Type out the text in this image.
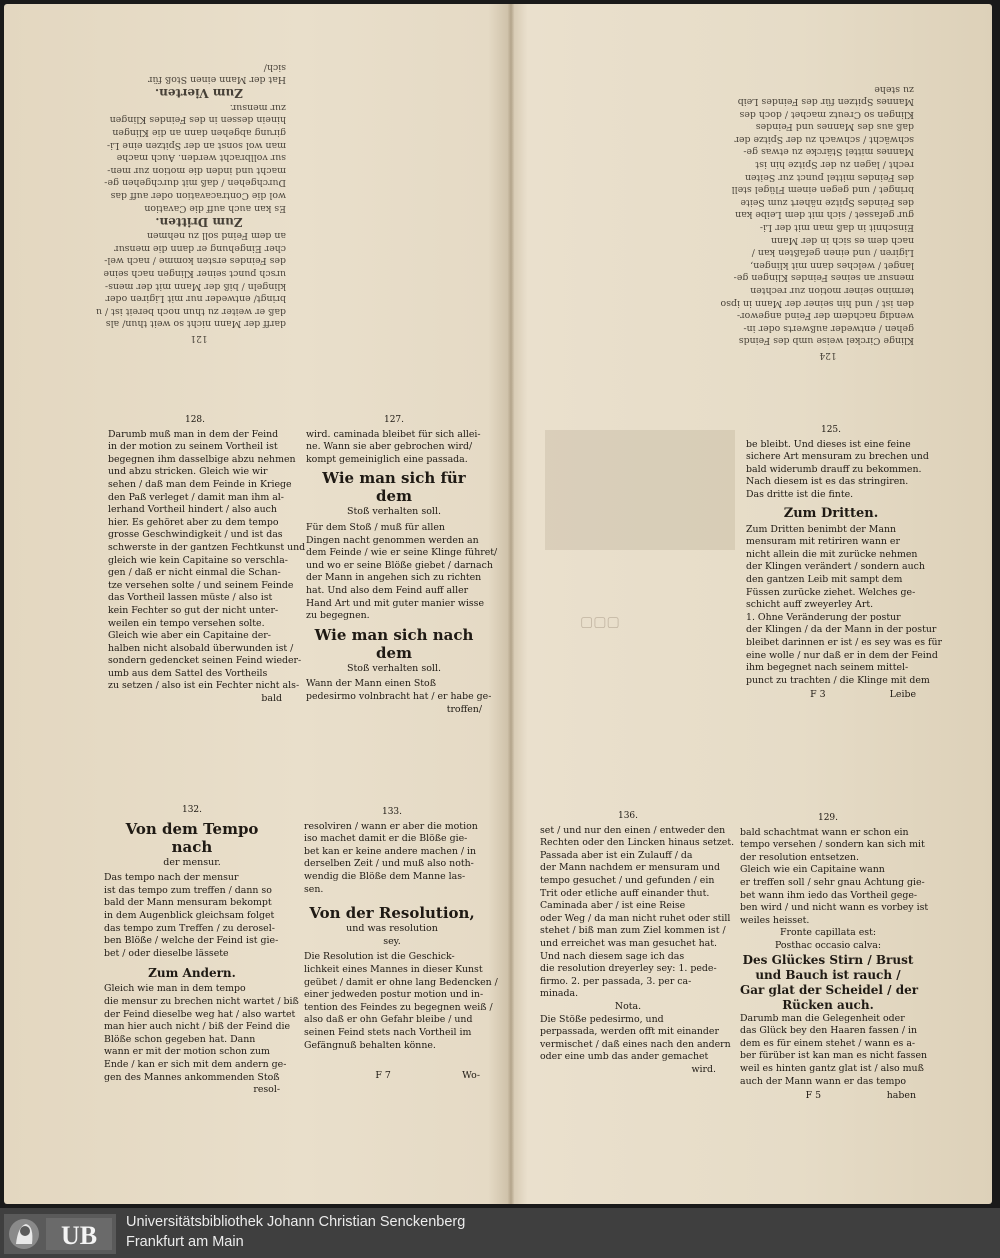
▢▢▢
121
darff der Mann nicht so weit thun/ als
daß er weiter zu thun noch bereit ist / u
bringt/ entweder nur mit Ligiren oder
klingeln / biß der Mann mit der mens-
ursch punct seiner Klingen nach seine
des Feindes ersten komme / nach wel-
cher Eingehung er dann die mensur
an dem Feind soll zu nehmen
Zum Dritten.
Es kan auch auff die Cavation
wol die Contracavation oder auff das
Durchgehen / daß mit durchgehen ge-
macht und inden die motion zur men-
sur vollbracht werden. Auch mache
man wol sonst an der Spitzen eine Li-
girung abgehen dann an die Klingen
hinein dessen in des Feindes Klingen
zur mensur.
Zum Vierten.
Hat der Mann einen Stoß für
sich/
124
Klinge Circkel weise umb des Feinds
gehen / entweder außwerts oder in-
wendig nachdem der Feind angewor-
den ist / und hin seiner der Mann in ipso
termino seiner motion zur rechten
mensur an seines Feindes Klingen ge-
langet / welches dann mit klingen,
Ligiren / und einen gefaßten kan /
nach dem es sich in der Mann
Einschnit in daß man mit der Li-
gur gefasset / sich mit dem Leibe kan
des Feindes Spitze nähert zum Seite
bringet / und gegen einem Flügel stell
des Feindes mittel punct zur Seiten
recht / lagen zu der Spitze hin ist
Mannes mittel Stärcke zu etwas ge-
schwächt / schwach zu der Spitze der
daß aus des Mannes und Feindes
Klingen so Creutz machet / doch des
Mannes Spitzen für des Feindes Leib
zu stehe
128.
Darumb muß man in dem der Feind
in der motion zu seinem Vortheil ist
begegnen ihm dasselbige abzu nehmen
und abzu stricken. Gleich wie wir
sehen / daß man dem Feinde in Kriege
den Paß verleget / damit man ihm al-
lerhand Vortheil hindert / also auch
hier. Es gehöret aber zu dem tempo
grosse Geschwindigkeit / und ist das
schwerste in der gantzen Fechtkunst und
gleich wie kein Capitaine so verschla-
gen / daß er nicht einmal die Schan-
tze versehen solte / und seinem Feinde
das Vortheil lassen müste / also ist
kein Fechter so gut der nicht unter-
weilen ein tempo versehen solte.
Gleich wie aber ein Capitaine der-
halben nicht alsobald überwunden ist /
sondern gedencket seinen Feind wieder-
umb aus dem Sattel des Vortheils
zu setzen / also ist ein Fechter nicht als-
bald
127.
wird. caminada bleibet für sich allei-
ne. Wann sie aber gebrochen wird/
kompt gemeiniglich eine passada.
Wie man sich für dem
Stoß verhalten soll.
Für dem Stoß / muß für allen
Dingen nacht genommen werden an
dem Feinde / wie er seine Klinge führet/
und wo er seine Blöße giebet / darnach
der Mann in angehen sich zu richten
hat. Und also dem Feind auff aller
Hand Art und mit guter manier wisse
zu begegnen.
Wie man sich nach dem
Stoß verhalten soll.
Wann der Mann einen Stoß
pedesirmo volnbracht hat / er habe ge-
troffen/
125.
be bleibt. Und dieses ist eine feine
sichere Art mensuram zu brechen und
bald widerumb drauff zu bekommen.
Nach diesem ist es das stringiren.
Das dritte ist die finte.
Zum Dritten.
Zum Dritten benimbt der Mann
mensuram mit retiriren wann er
nicht allein die mit zurücke nehmen
der Klingen verändert / sondern auch
den gantzen Leib mit sampt dem
Füssen zurücke ziehet. Welches ge-
schicht auff zweyerley Art.
1. Ohne Veränderung der postur
der Klingen / da der Mann in der postur
bleibet darinnen er ist / es sey was es für
eine wolle / nur daß er in dem der Feind
ihm begegnet nach seinem mittel-
punct zu trachten / die Klinge mit dem
F 3	Leibe
132.
Von dem Tempo nach
der mensur.
Das tempo nach der mensur
ist das tempo zum treffen / dann so
bald der Mann mensuram bekompt
in dem Augenblick gleichsam folget
das tempo zum Treffen / zu derosel-
ben Blöße / welche der Feind ist gie-
bet / oder dieselbe lässete
Zum Andern.
Gleich wie man in dem tempo
die mensur zu brechen nicht wartet / biß
der Feind dieselbe weg hat / also wartet
man hier auch nicht / biß der Feind die
Blöße schon gegeben hat. Dann
wann er mit der motion schon zum
Ende / kan er sich mit dem andern ge-
gen des Mannes ankommenden Stoß
resol-
133.
resolviren / wann er aber die motion
iso machet damit er die Blöße gie-
bet kan er keine andere machen / in
derselben Zeit / und muß also noth-
wendig die Blöße dem Manne las-
sen.
Von der Resolution,
und was resolution
sey.
Die Resolution ist die Geschick-
lichkeit eines Mannes in dieser Kunst
geübet / damit er ohne lang Bedencken /
einer jedweden postur motion und in-
tention des Feindes zu begegnen weiß /
also daß er ohn Gefahr bleibe / und
seinen Feind stets nach Vortheil im
Gefängnuß behalten könne.
F 7	Wo-
136.
set / und nur den einen / entweder den
Rechten oder den Lincken hinaus setzet.
Passada aber ist ein Zulauff / da
der Mann nachdem er mensuram und
tempo gesuchet / und gefunden / ein
Trit oder etliche auff einander thut.
Caminada aber / ist eine Reise
oder Weg / da man nicht ruhet oder still
stehet / biß man zum Ziel kommen ist /
und erreichet was man gesuchet hat.
Und nach diesem sage ich das
die resolution dreyerley sey: 1. pede-
firmo. 2. per passada, 3. per ca-
minada.
Nota.
Die Stöße pedesirmo, und
perpassada, werden offt mit einander
vermischet / daß eines nach den andern
oder eine umb das ander gemachet
wird.
129.
bald schachtmat wann er schon ein
tempo versehen / sondern kan sich mit
der resolution entsetzen.
Gleich wie ein Capitaine wann
er treffen soll / sehr gnau Achtung gie-
bet wann ihm iedo das Vortheil gege-
ben wird / und nicht wann es vorbey ist
weiles heisset.
Fronte capillata est:
Posthac occasio calva:
Des Glückes Stirn / Brust
und Bauch ist rauch /
Gar glat der Scheidel / der
Rücken auch.
Darumb man die Gelegenheit oder
das Glück bey den Haaren fassen / in
dem es für einem stehet / wann es a-
ber fürüber ist kan man es nicht fassen
weil es hinten gantz glat ist / also muß
auch der Mann wann er das tempo
F 5	haben
UB Universitätsbibliothek Johann Christian Senckenberg
Frankfurt am Main
